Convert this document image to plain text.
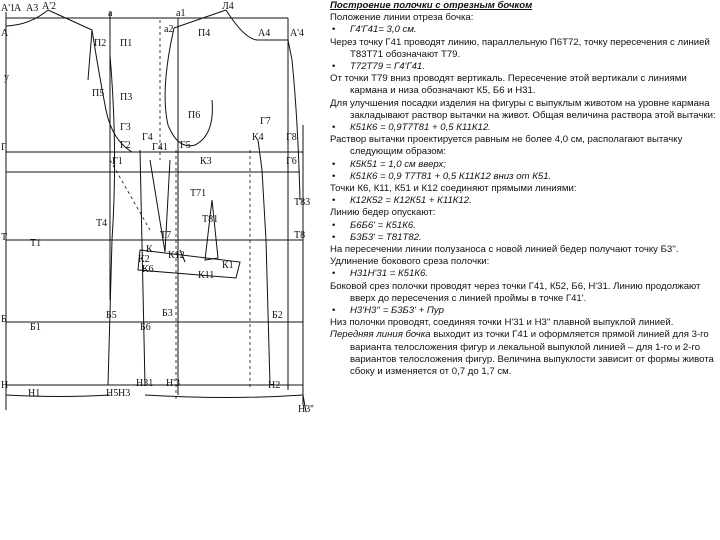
А'1
А А3 А'2
а	а1
Л4
А4 А'4
А
П2 П1
а2 П4
П5
у
П3
Г3
П6
Г7
Г4	Г8
К4
Г41
Г2
Г
Г1
Г5
К3	Г6
Т71
Т83
Т4
Т
Т1
Т7
Т81
Т8
К
К12
К2
К6
К11
К1
Б
Б1	Б6
Б5	Б3	Б2
Н
Н1	Н5 Н3
Н31 Н'3	Н2
Н3''

Построение полочки с отрезным бочком

Положение линии отреза бочка:

• Г4'Г41= 3,0 см.

Через точку Г41 проводят линию, параллельную П6Т72, точку пересечения с линией Т83Т71 обозначают Т79.

• Т72Т79 = Г4'Г41.

От точки Т79 вниз проводят вертикаль. Пересечение этой вертикали с линиями кармана и низа обозначают К5, Б6 и Н31.

Для улучшения посадки изделия на фигуры с выпуклым животом на уровне кармана закладывают раствор вытачки на живот. Общая величина раствора этой вытачки:

• К51К6 = 0,9Т7Т81 + 0,5 К11К12.

Раствор вытачки проектируется равным не более 4,0 см, располагают вытачку следующим образом:

• К5К51 = 1,0 см вверх;

• К51К6 = 0,9 Т7Т81 + 0,5 К11К12 вниз от К51.

Точки К6, К11, К51 и К12 соединяют прямыми линиями:

• К12К52 = К12К51 + К11К12.

Линию бедер опускают:

• Б6Б6' = К51К6.

• Б3Б3' = Т81Т82.

На пересечении линии полузаноса с новой линией бедер получают точку Б3''.

Удлинение бокового среза полочки:

• Н31Н'31 = К51К6.

Боковой срез полочки проводят через точки Г41, К52, Б6, Н'31. Линию продолжают вверх до пересечения с линией проймы в точке Г41'.

• Н3'Н3'' = Б3Б3' + Пур

Низ полочки проводят, соединяя точки Н'31 и Н3'' плавной выпуклой линией.

Передняя линия бочка выходит из точки Г41 и оформляется прямой линией для 3-го варианта телосложения фигур и лекальной выпуклой линией – для 1-го и 2-го вариантов телосложения фигур. Величина выпуклости зависит от формы живота сбоку и изменяется от 0,7 до 1,7 см.
